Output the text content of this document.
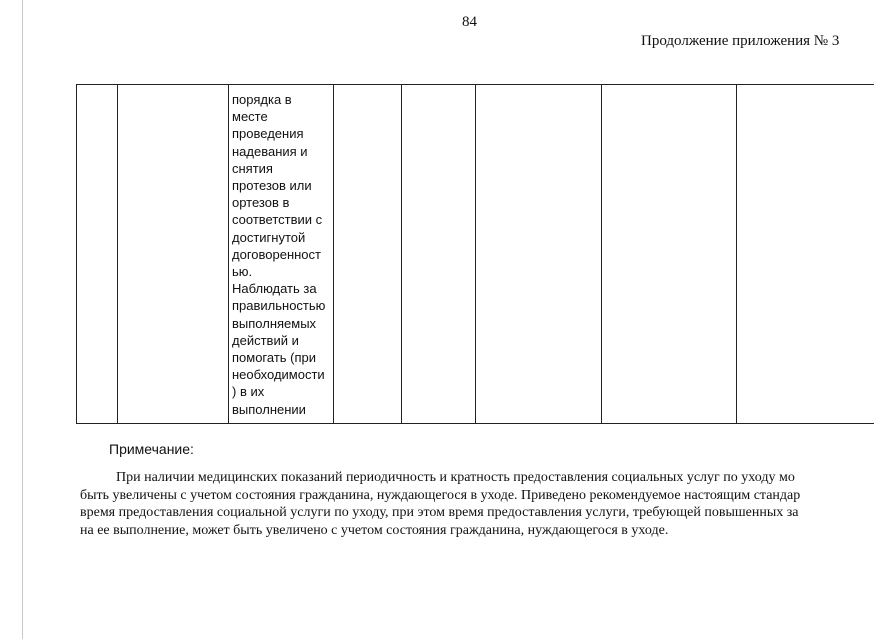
84
Продолжение приложения № 3
порядка в
месте
проведения
надевания и
снятия
протезов или
ортезов в
соответствии с
достигнутой
договоренност
ью.
Наблюдать за
правильностью
выполняемых
действий и
помогать (при
необходимости
) в их
выполнении
Примечание:
При наличии медицинских показаний периодичность и кратность предоставления социальных услуг по уходу мо
быть увеличены с учетом состояния гражданина, нуждающегося в уходе. Приведено рекомендуемое настоящим стандар
время предоставления социальной услуги по уходу, при этом время предоставления услуги, требующей повышенных за
на ее выполнение, может быть увеличено с учетом состояния гражданина, нуждающегося в уходе.
